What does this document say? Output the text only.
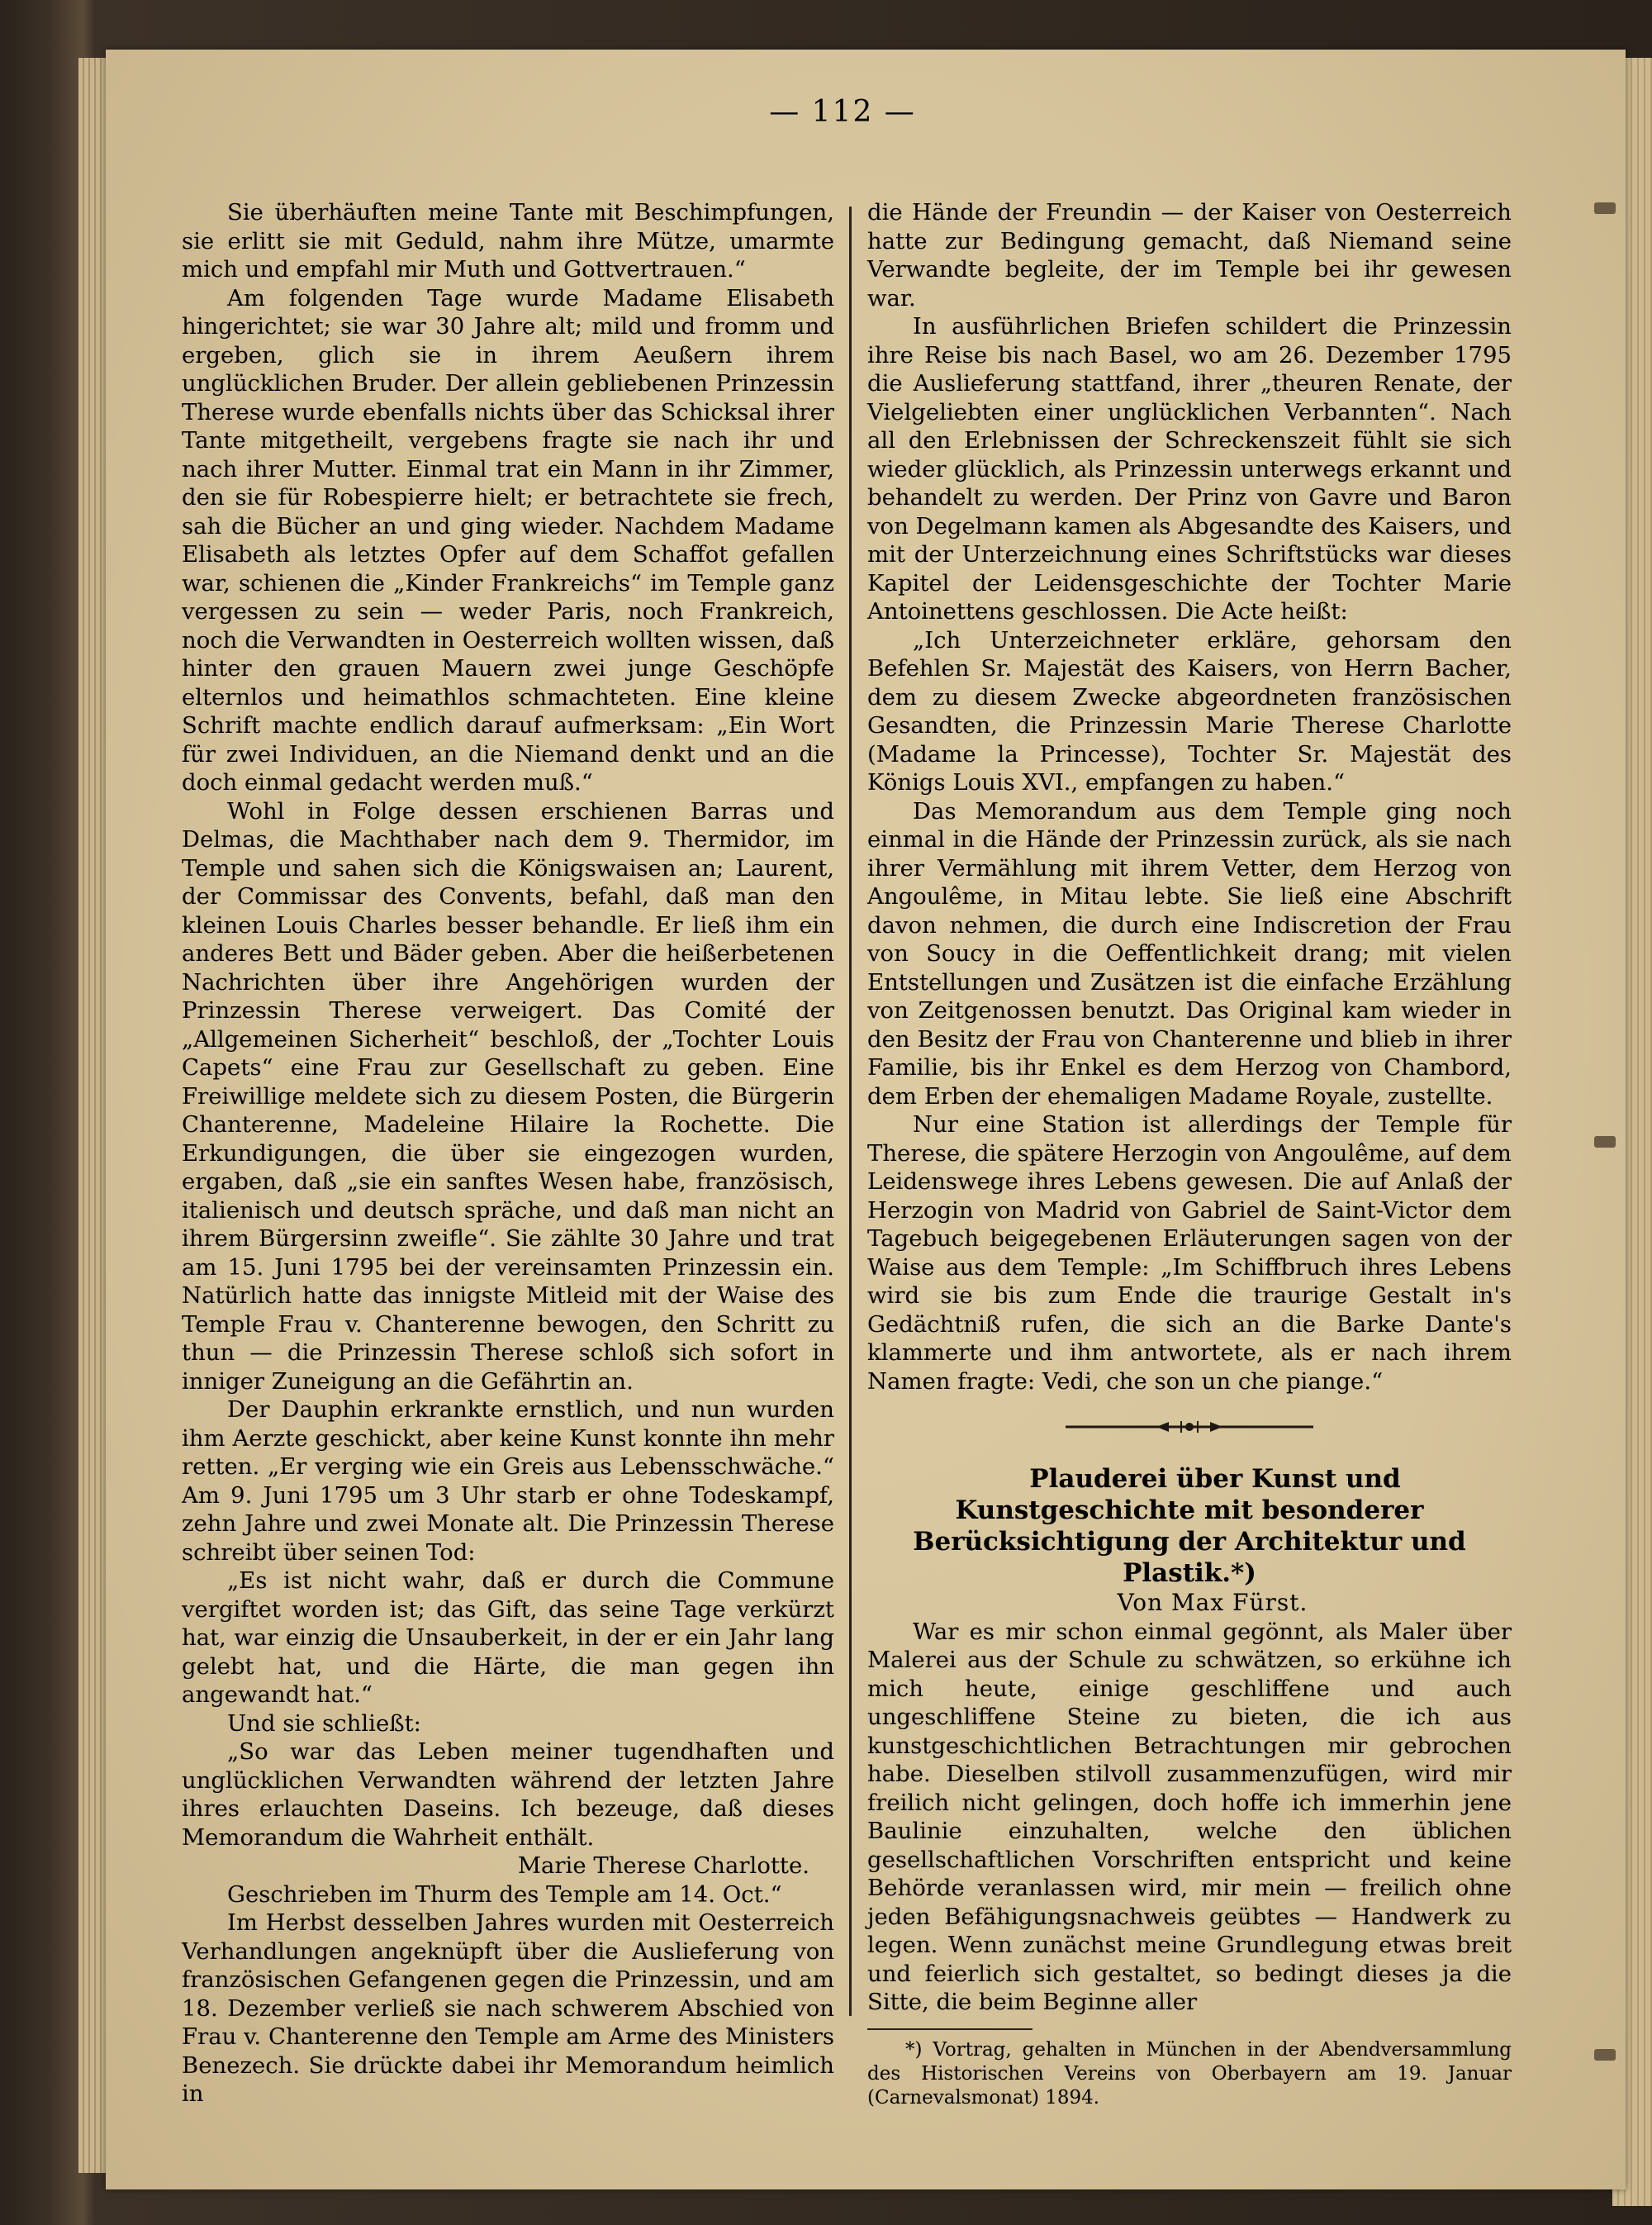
— 112 —

Sie überhäuften meine Tante mit Beschimpfungen, sie erlitt sie mit Geduld, nahm ihre Mütze, umarmte mich und empfahl mir Muth und Gottvertrauen.“

Am folgenden Tage wurde Madame Elisabeth hingerichtet; sie war 30 Jahre alt; mild und fromm und ergeben, glich sie in ihrem Aeußern ihrem unglücklichen Bruder. Der allein gebliebenen Prinzessin Therese wurde ebenfalls nichts über das Schicksal ihrer Tante mitgetheilt, vergebens fragte sie nach ihr und nach ihrer Mutter. Einmal trat ein Mann in ihr Zimmer, den sie für Robespierre hielt; er betrachtete sie frech, sah die Bücher an und ging wieder. Nachdem Madame Elisabeth als letztes Opfer auf dem Schaffot gefallen war, schienen die „Kinder Frankreichs“ im Temple ganz vergessen zu sein — weder Paris, noch Frankreich, noch die Verwandten in Oesterreich wollten wissen, daß hinter den grauen Mauern zwei junge Geschöpfe elternlos und heimathlos schmachteten. Eine kleine Schrift machte endlich darauf aufmerksam: „Ein Wort für zwei Individuen, an die Niemand denkt und an die doch einmal gedacht werden muß.“

Wohl in Folge dessen erschienen Barras und Delmas, die Machthaber nach dem 9. Thermidor, im Temple und sahen sich die Königswaisen an; Laurent, der Commissar des Convents, befahl, daß man den kleinen Louis Charles besser behandle. Er ließ ihm ein anderes Bett und Bäder geben. Aber die heißerbetenen Nachrichten über ihre Angehörigen wurden der Prinzessin Therese verweigert. Das Comité der „Allgemeinen Sicherheit“ beschloß, der „Tochter Louis Capets“ eine Frau zur Gesellschaft zu geben. Eine Freiwillige meldete sich zu diesem Posten, die Bürgerin Chanterenne, Madeleine Hilaire la Rochette. Die Erkundigungen, die über sie eingezogen wurden, ergaben, daß „sie ein sanftes Wesen habe, französisch, italienisch und deutsch spräche, und daß man nicht an ihrem Bürgersinn zweifle“. Sie zählte 30 Jahre und trat am 15. Juni 1795 bei der vereinsamten Prinzessin ein. Natürlich hatte das innigste Mitleid mit der Waise des Temple Frau v. Chanterenne bewogen, den Schritt zu thun — die Prinzessin Therese schloß sich sofort in inniger Zuneigung an die Gefährtin an.

Der Dauphin erkrankte ernstlich, und nun wurden ihm Aerzte geschickt, aber keine Kunst konnte ihn mehr retten. „Er verging wie ein Greis aus Lebensschwäche.“ Am 9. Juni 1795 um 3 Uhr starb er ohne Todeskampf, zehn Jahre und zwei Monate alt. Die Prinzessin Therese schreibt über seinen Tod:

„Es ist nicht wahr, daß er durch die Commune vergiftet worden ist; das Gift, das seine Tage verkürzt hat, war einzig die Unsauberkeit, in der er ein Jahr lang gelebt hat, und die Härte, die man gegen ihn angewandt hat.“

Und sie schließt:

„So war das Leben meiner tugendhaften und unglücklichen Verwandten während der letzten Jahre ihres erlauchten Daseins. Ich bezeuge, daß dieses Memorandum die Wahrheit enthält.

Marie Therese Charlotte.

Geschrieben im Thurm des Temple am 14. Oct.“

Im Herbst desselben Jahres wurden mit Oesterreich Verhandlungen angeknüpft über die Auslieferung von französischen Gefangenen gegen die Prinzessin, und am 18. Dezember verließ sie nach schwerem Abschied von Frau v. Chanterenne den Temple am Arme des Ministers Benezech. Sie drückte dabei ihr Memorandum heimlich in

die Hände der Freundin — der Kaiser von Oesterreich hatte zur Bedingung gemacht, daß Niemand seine Verwandte begleite, der im Temple bei ihr gewesen war.

In ausführlichen Briefen schildert die Prinzessin ihre Reise bis nach Basel, wo am 26. Dezember 1795 die Auslieferung stattfand, ihrer „theuren Renate, der Vielgeliebten einer unglücklichen Verbannten“. Nach all den Erlebnissen der Schreckenszeit fühlt sie sich wieder glücklich, als Prinzessin unterwegs erkannt und behandelt zu werden. Der Prinz von Gavre und Baron von Degelmann kamen als Abgesandte des Kaisers, und mit der Unterzeichnung eines Schriftstücks war dieses Kapitel der Leidensgeschichte der Tochter Marie Antoinettens geschlossen. Die Acte heißt:

„Ich Unterzeichneter erkläre, gehorsam den Befehlen Sr. Majestät des Kaisers, von Herrn Bacher, dem zu diesem Zwecke abgeordneten französischen Gesandten, die Prinzessin Marie Therese Charlotte (Madame la Princesse), Tochter Sr. Majestät des Königs Louis XVI., empfangen zu haben.“

Das Memorandum aus dem Temple ging noch einmal in die Hände der Prinzessin zurück, als sie nach ihrer Vermählung mit ihrem Vetter, dem Herzog von Angoulême, in Mitau lebte. Sie ließ eine Abschrift davon nehmen, die durch eine Indiscretion der Frau von Soucy in die Oeffentlichkeit drang; mit vielen Entstellungen und Zusätzen ist die einfache Erzählung von Zeitgenossen benutzt. Das Original kam wieder in den Besitz der Frau von Chanterenne und blieb in ihrer Familie, bis ihr Enkel es dem Herzog von Chambord, dem Erben der ehemaligen Madame Royale, zustellte.

Nur eine Station ist allerdings der Temple für Therese, die spätere Herzogin von Angoulême, auf dem Leidenswege ihres Lebens gewesen. Die auf Anlaß der Herzogin von Madrid von Gabriel de Saint-Victor dem Tagebuch beigegebenen Erläuterungen sagen von der Waise aus dem Temple: „Im Schiffbruch ihres Lebens wird sie bis zum Ende die traurige Gestalt in's Gedächtniß rufen, die sich an die Barke Dante's klammerte und ihm antwortete, als er nach ihrem Namen fragte: Vedi, che son un che piange.“

Plauderei über Kunst und Kunstgeschichte mit besonderer Berücksichtigung der Architektur und Plastik.*)

Von Max Fürst.

War es mir schon einmal gegönnt, als Maler über Malerei aus der Schule zu schwätzen, so erkühne ich mich heute, einige geschliffene und auch ungeschliffene Steine zu bieten, die ich aus kunstgeschichtlichen Betrachtungen mir gebrochen habe. Dieselben stilvoll zusammenzufügen, wird mir freilich nicht gelingen, doch hoffe ich immerhin jene Baulinie einzuhalten, welche den üblichen gesellschaftlichen Vorschriften entspricht und keine Behörde veranlassen wird, mir mein — freilich ohne jeden Befähigungsnachweis geübtes — Handwerk zu legen. Wenn zunächst meine Grundlegung etwas breit und feierlich sich gestaltet, so bedingt dieses ja die Sitte, die beim Beginne aller

*) Vortrag, gehalten in München in der Abendversammlung des Historischen Vereins von Oberbayern am 19. Januar (Carnevalsmonat) 1894.
